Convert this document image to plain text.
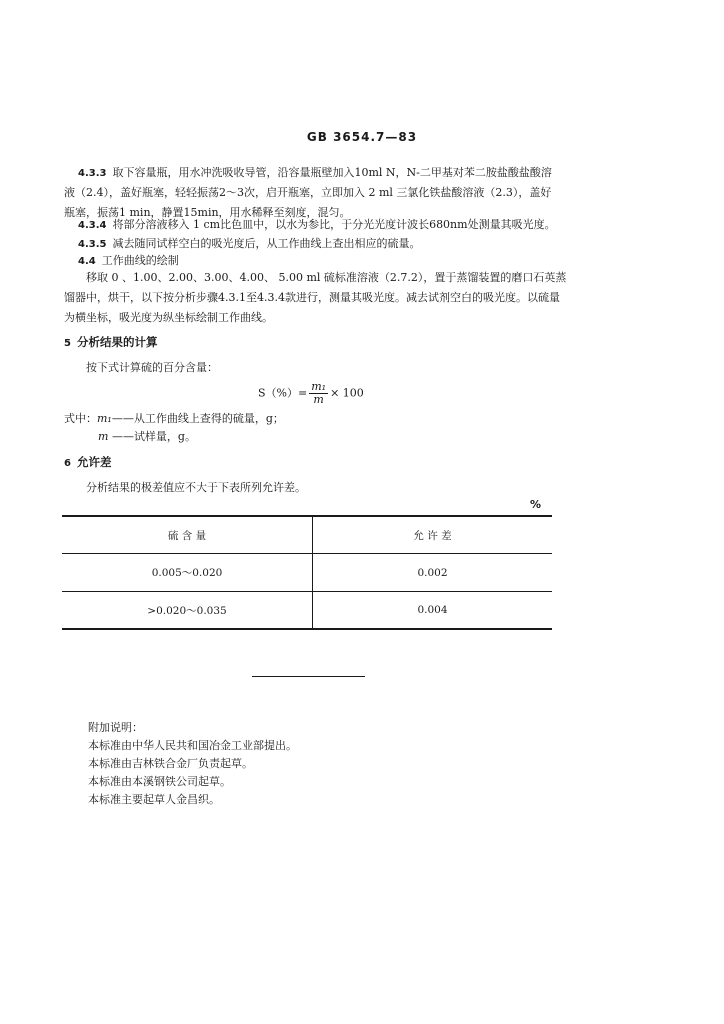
GB 3654.7—83
4.3.3 取下容量瓶，用水冲洗吸收导管，沿容量瓶壁加入10ml N，N-二甲基对苯二胺盐酸盐酸溶
液（2.4），盖好瓶塞，轻轻振荡2～3次，启开瓶塞，立即加入 2 ml 三氯化铁盐酸溶液（2.3），盖好
瓶塞，振荡1 min，静置15min，用水稀释至刻度，混匀。
4.3.4 将部分溶液移入 1 cm比色皿中，以水为参比，于分光光度计波长680nm处测量其吸光度。
4.3.5 减去随同试样空白的吸光度后，从工作曲线上查出相应的硫量。
4.4 工作曲线的绘制
移取 0 、1.00、2.00、3.00、4.00、 5.00 ml 硫标准溶液（2.7.2），置于蒸馏装置的磨口石英蒸
馏器中，烘干，以下按分析步骤4.3.1至4.3.4款进行，测量其吸光度。减去试剂空白的吸光度。以硫量
为横坐标，吸光度为纵坐标绘制工作曲线。
5 分析结果的计算
按下式计算硫的百分含量：
$S(\%)= \frac{\text{m₁}}{m} \times 100$
式中：m₁——从工作曲线上查得的硫量，g；
m ——试样量，g。
6 允许差
分析结果的极差值应不大于下表所列允许差。
%
硫 含 量	允 许 差
0.005～0.020	0.002
>0.020～0.035	0.004
附加说明：
本标准由中华人民共和国冶金工业部提出。
本标准由吉林铁合金厂负责起草。
本标准由本溪钢铁公司起草。
本标准主要起草人金昌织。
